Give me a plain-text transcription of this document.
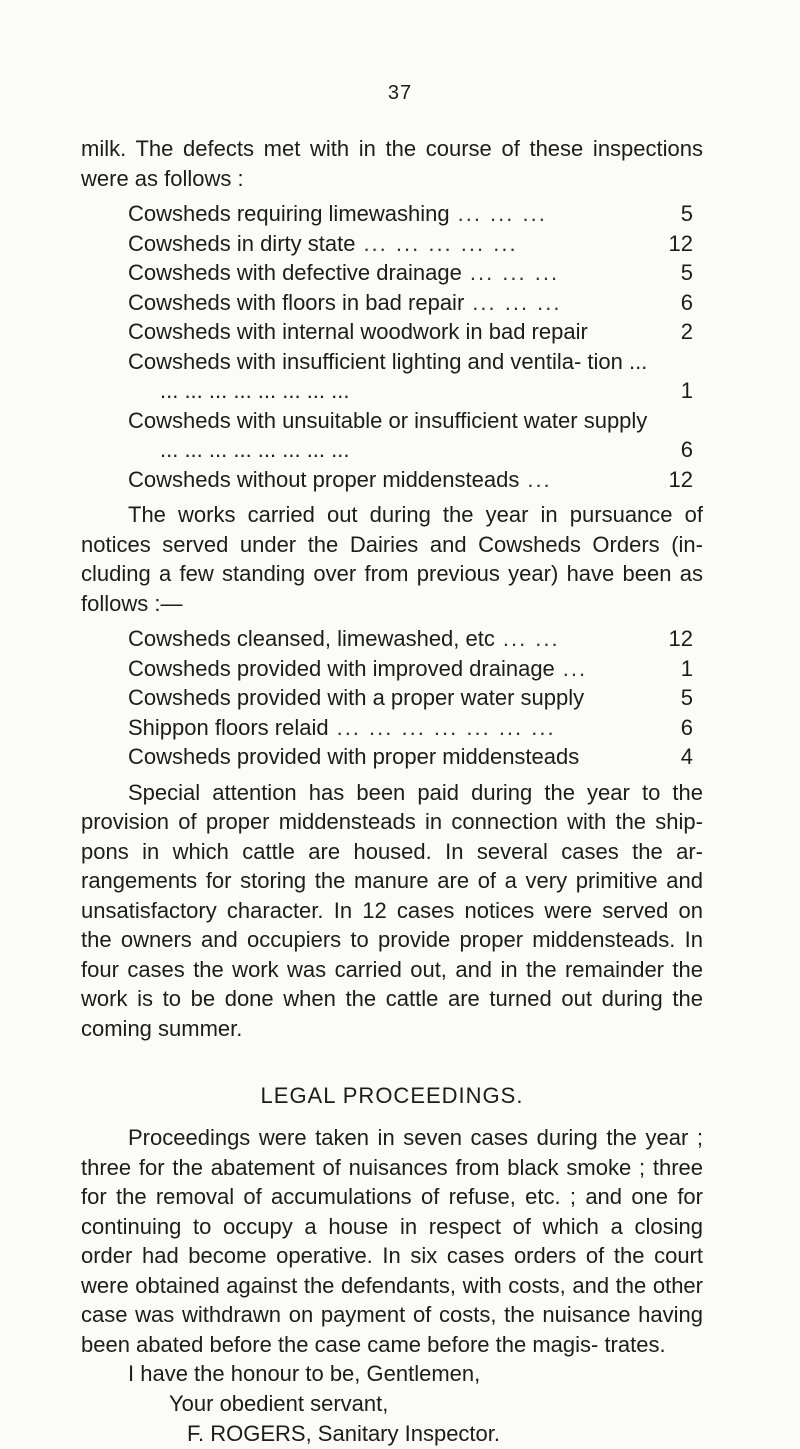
37

milk. The defects met with in the course of these inspections were as follows :

Cowsheds requiring limewashing ... ... ...	5
Cowsheds in dirty state ... ... ... ... ...	12
Cowsheds with defective drainage ... ... ...	5
Cowsheds with floors in bad repair ... ... ...	6
Cowsheds with internal woodwork in bad repair	2
Cowsheds with insufficient lighting and ventila- tion ... ... ... ... ... ... ... ... ...	1
Cowsheds with unsuitable or insufficient water supply ... ... ... ... ... ... ... ...	6
Cowsheds without proper middensteads ...	12

The works carried out during the year in pursuance of notices served under the Dairies and Cowsheds Orders (in- cluding a few standing over from previous year) have been as follows :—

Cowsheds cleansed, limewashed, etc ... ...	12
Cowsheds provided with improved drainage ...	1
Cowsheds provided with a proper water supply	5
Shippon floors relaid ... ... ... ... ... ... ...	6
Cowsheds provided with proper middensteads	4

Special attention has been paid during the year to the provision of proper middensteads in connection with the ship- pons in which cattle are housed. In several cases the ar- rangements for storing the manure are of a very primitive and unsatisfactory character. In 12 cases notices were served on the owners and occupiers to provide proper middensteads. In four cases the work was carried out, and in the remainder the work is to be done when the cattle are turned out during the coming summer.

LEGAL PROCEEDINGS.

Proceedings were taken in seven cases during the year ; three for the abatement of nuisances from black smoke ; three for the removal of accumulations of refuse, etc. ; and one for continuing to occupy a house in respect of which a closing order had become operative. In six cases orders of the court were obtained against the defendants, with costs, and the other case was withdrawn on payment of costs, the nuisance having been abated before the case came before the magis- trates.

I have the honour to be, Gentlemen,
Your obedient servant,
F. ROGERS, Sanitary Inspector.
